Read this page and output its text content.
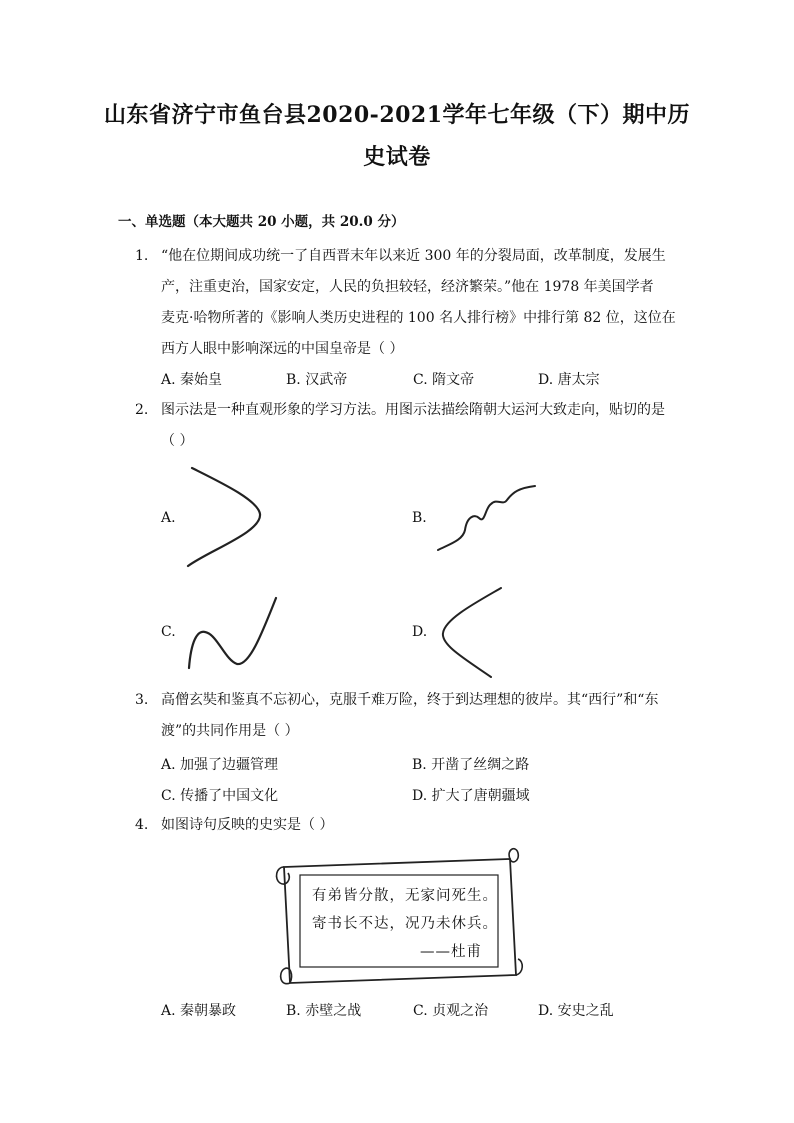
山东省济宁市鱼台县2020-2021学年七年级（下）期中历
史试卷
一、单选题（本大题共 20 小题，共 20.0 分）
1. “他在位期间成功统一了自西晋末年以来近 300 年的分裂局面，改革制度，发展生
产，注重吏治，国家安定，人民的负担较轻，经济繁荣。”他在 1978 年美国学者
麦克·哈物所著的《影响人类历史进程的 100 名人排行榜》中排行第 82 位，这位在
西方人眼中影响深远的中国皇帝是（ ）
A. 秦始皇	B. 汉武帝	C. 隋文帝	D. 唐太宗
2. 图示法是一种直观形象的学习方法。用图示法描绘隋朝大运河大致走向，贴切的是
（ ）
A.	B.
C.	D.
3. 高僧玄奘和鉴真不忘初心，克服千难万险，终于到达理想的彼岸。其“西行”和“东
渡”的共同作用是（ ）
A. 加强了边疆管理	B. 开凿了丝绸之路
C. 传播了中国文化	D. 扩大了唐朝疆域
4. 如图诗句反映的史实是（ ）
有弟皆分散，无家问死生。
寄书长不达，况乃未休兵。
——杜甫
A. 秦朝暴政	B. 赤壁之战	C. 贞观之治	D. 安史之乱
